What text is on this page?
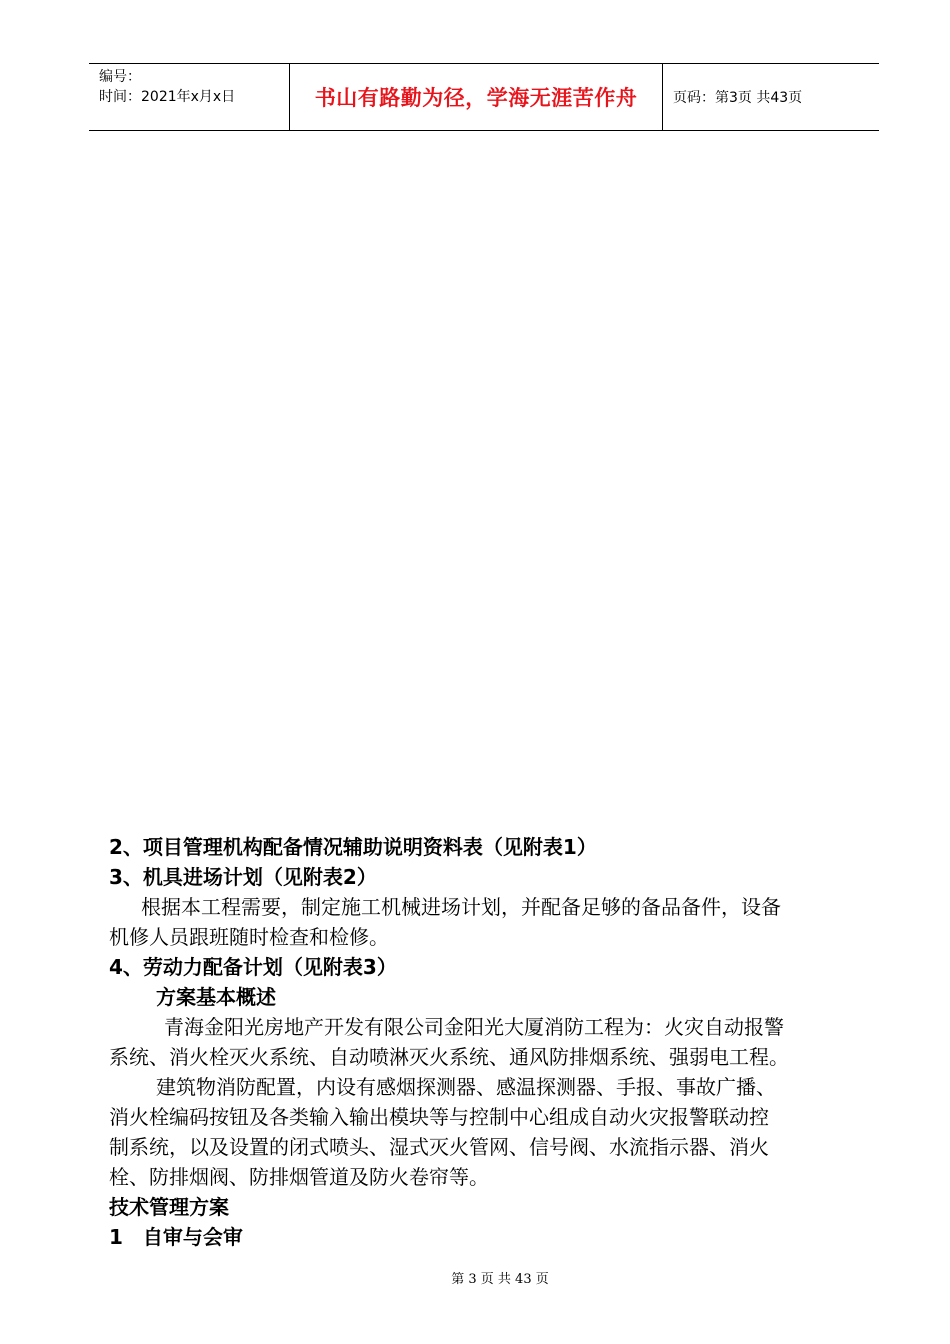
编号：
时间：2021年x月x日	书山有路勤为径，学海无涯苦作舟	页码：第3页 共43页
2、项目管理机构配备情况辅助说明资料表（见附表1）
3、机具进场计划（见附表2）
根据本工程需要，制定施工机械进场计划，并配备足够的备品备件，设备
机修人员跟班随时检查和检修。
4、劳动力配备计划（见附表3）
方案基本概述
青海金阳光房地产开发有限公司金阳光大厦消防工程为：火灾自动报警
系统、消火栓灭火系统、自动喷淋灭火系统、通风防排烟系统、强弱电工程。
建筑物消防配置，内设有感烟探测器、感温探测器、手报、事故广播、
消火栓编码按钮及各类输入输出模块等与控制中心组成自动火灾报警联动控
制系统，以及设置的闭式喷头、湿式灭火管网、信号阀、水流指示器、消火
栓、防排烟阀、防排烟管道及防火卷帘等。
技术管理方案
1　自审与会审
第 3 页 共 43 页
